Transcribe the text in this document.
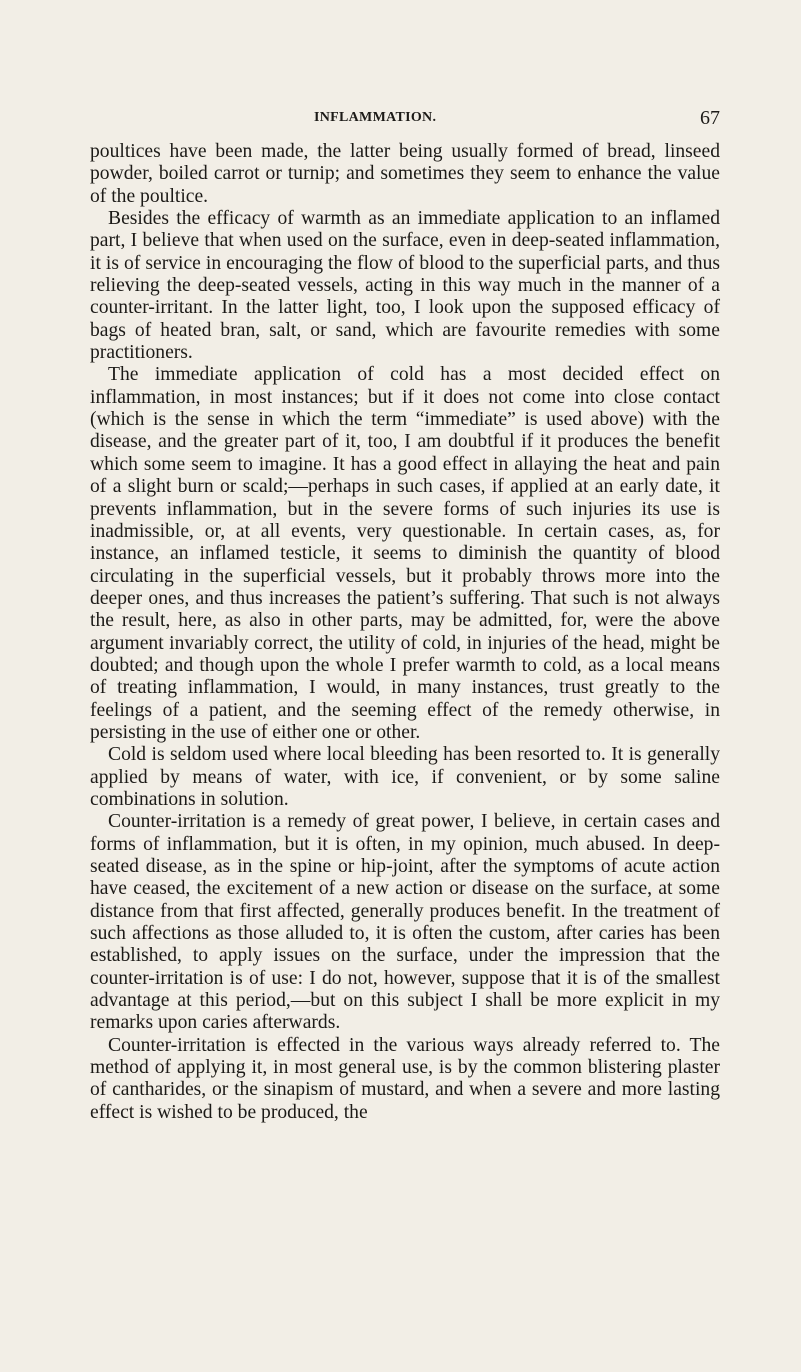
INFLAMMATION.	67

poultices have been made, the latter being usually formed of bread, linseed powder, boiled carrot or turnip; and sometimes they seem to enhance the value of the poultice.

Besides the efficacy of warmth as an immediate application to an inflamed part, I believe that when used on the surface, even in deep-seated inflammation, it is of service in encouraging the flow of blood to the superficial parts, and thus relieving the deep-seated vessels, acting in this way much in the manner of a counter-irritant. In the latter light, too, I look upon the supposed efficacy of bags of heated bran, salt, or sand, which are favourite remedies with some practitioners.

The immediate application of cold has a most decided effect on inflammation, in most instances; but if it does not come into close contact (which is the sense in which the term “immediate” is used above) with the disease, and the greater part of it, too, I am doubtful if it produces the benefit which some seem to imagine. It has a good effect in allaying the heat and pain of a slight burn or scald;—perhaps in such cases, if applied at an early date, it prevents inflammation, but in the severe forms of such injuries its use is inadmissible, or, at all events, very questionable. In certain cases, as, for instance, an inflamed testicle, it seems to diminish the quantity of blood circulating in the superficial vessels, but it probably throws more into the deeper ones, and thus increases the patient’s suffering. That such is not always the result, here, as also in other parts, may be admitted, for, were the above argument invariably correct, the utility of cold, in injuries of the head, might be doubted; and though upon the whole I prefer warmth to cold, as a local means of treating inflammation, I would, in many instances, trust greatly to the feelings of a patient, and the seeming effect of the remedy otherwise, in persisting in the use of either one or other.

Cold is seldom used where local bleeding has been resorted to. It is generally applied by means of water, with ice, if convenient, or by some saline combinations in solution.

Counter-irritation is a remedy of great power, I believe, in certain cases and forms of inflammation, but it is often, in my opinion, much abused. In deep-seated disease, as in the spine or hip-joint, after the symptoms of acute action have ceased, the excitement of a new action or disease on the surface, at some distance from that first affected, generally produces benefit. In the treatment of such affections as those alluded to, it is often the custom, after caries has been established, to apply issues on the surface, under the impression that the counter-irritation is of use: I do not, however, suppose that it is of the smallest advantage at this period,—but on this subject I shall be more explicit in my remarks upon caries afterwards.

Counter-irritation is effected in the various ways already referred to. The method of applying it, in most general use, is by the common blistering plaster of cantharides, or the sinapism of mustard, and when a severe and more lasting effect is wished to be produced, the
